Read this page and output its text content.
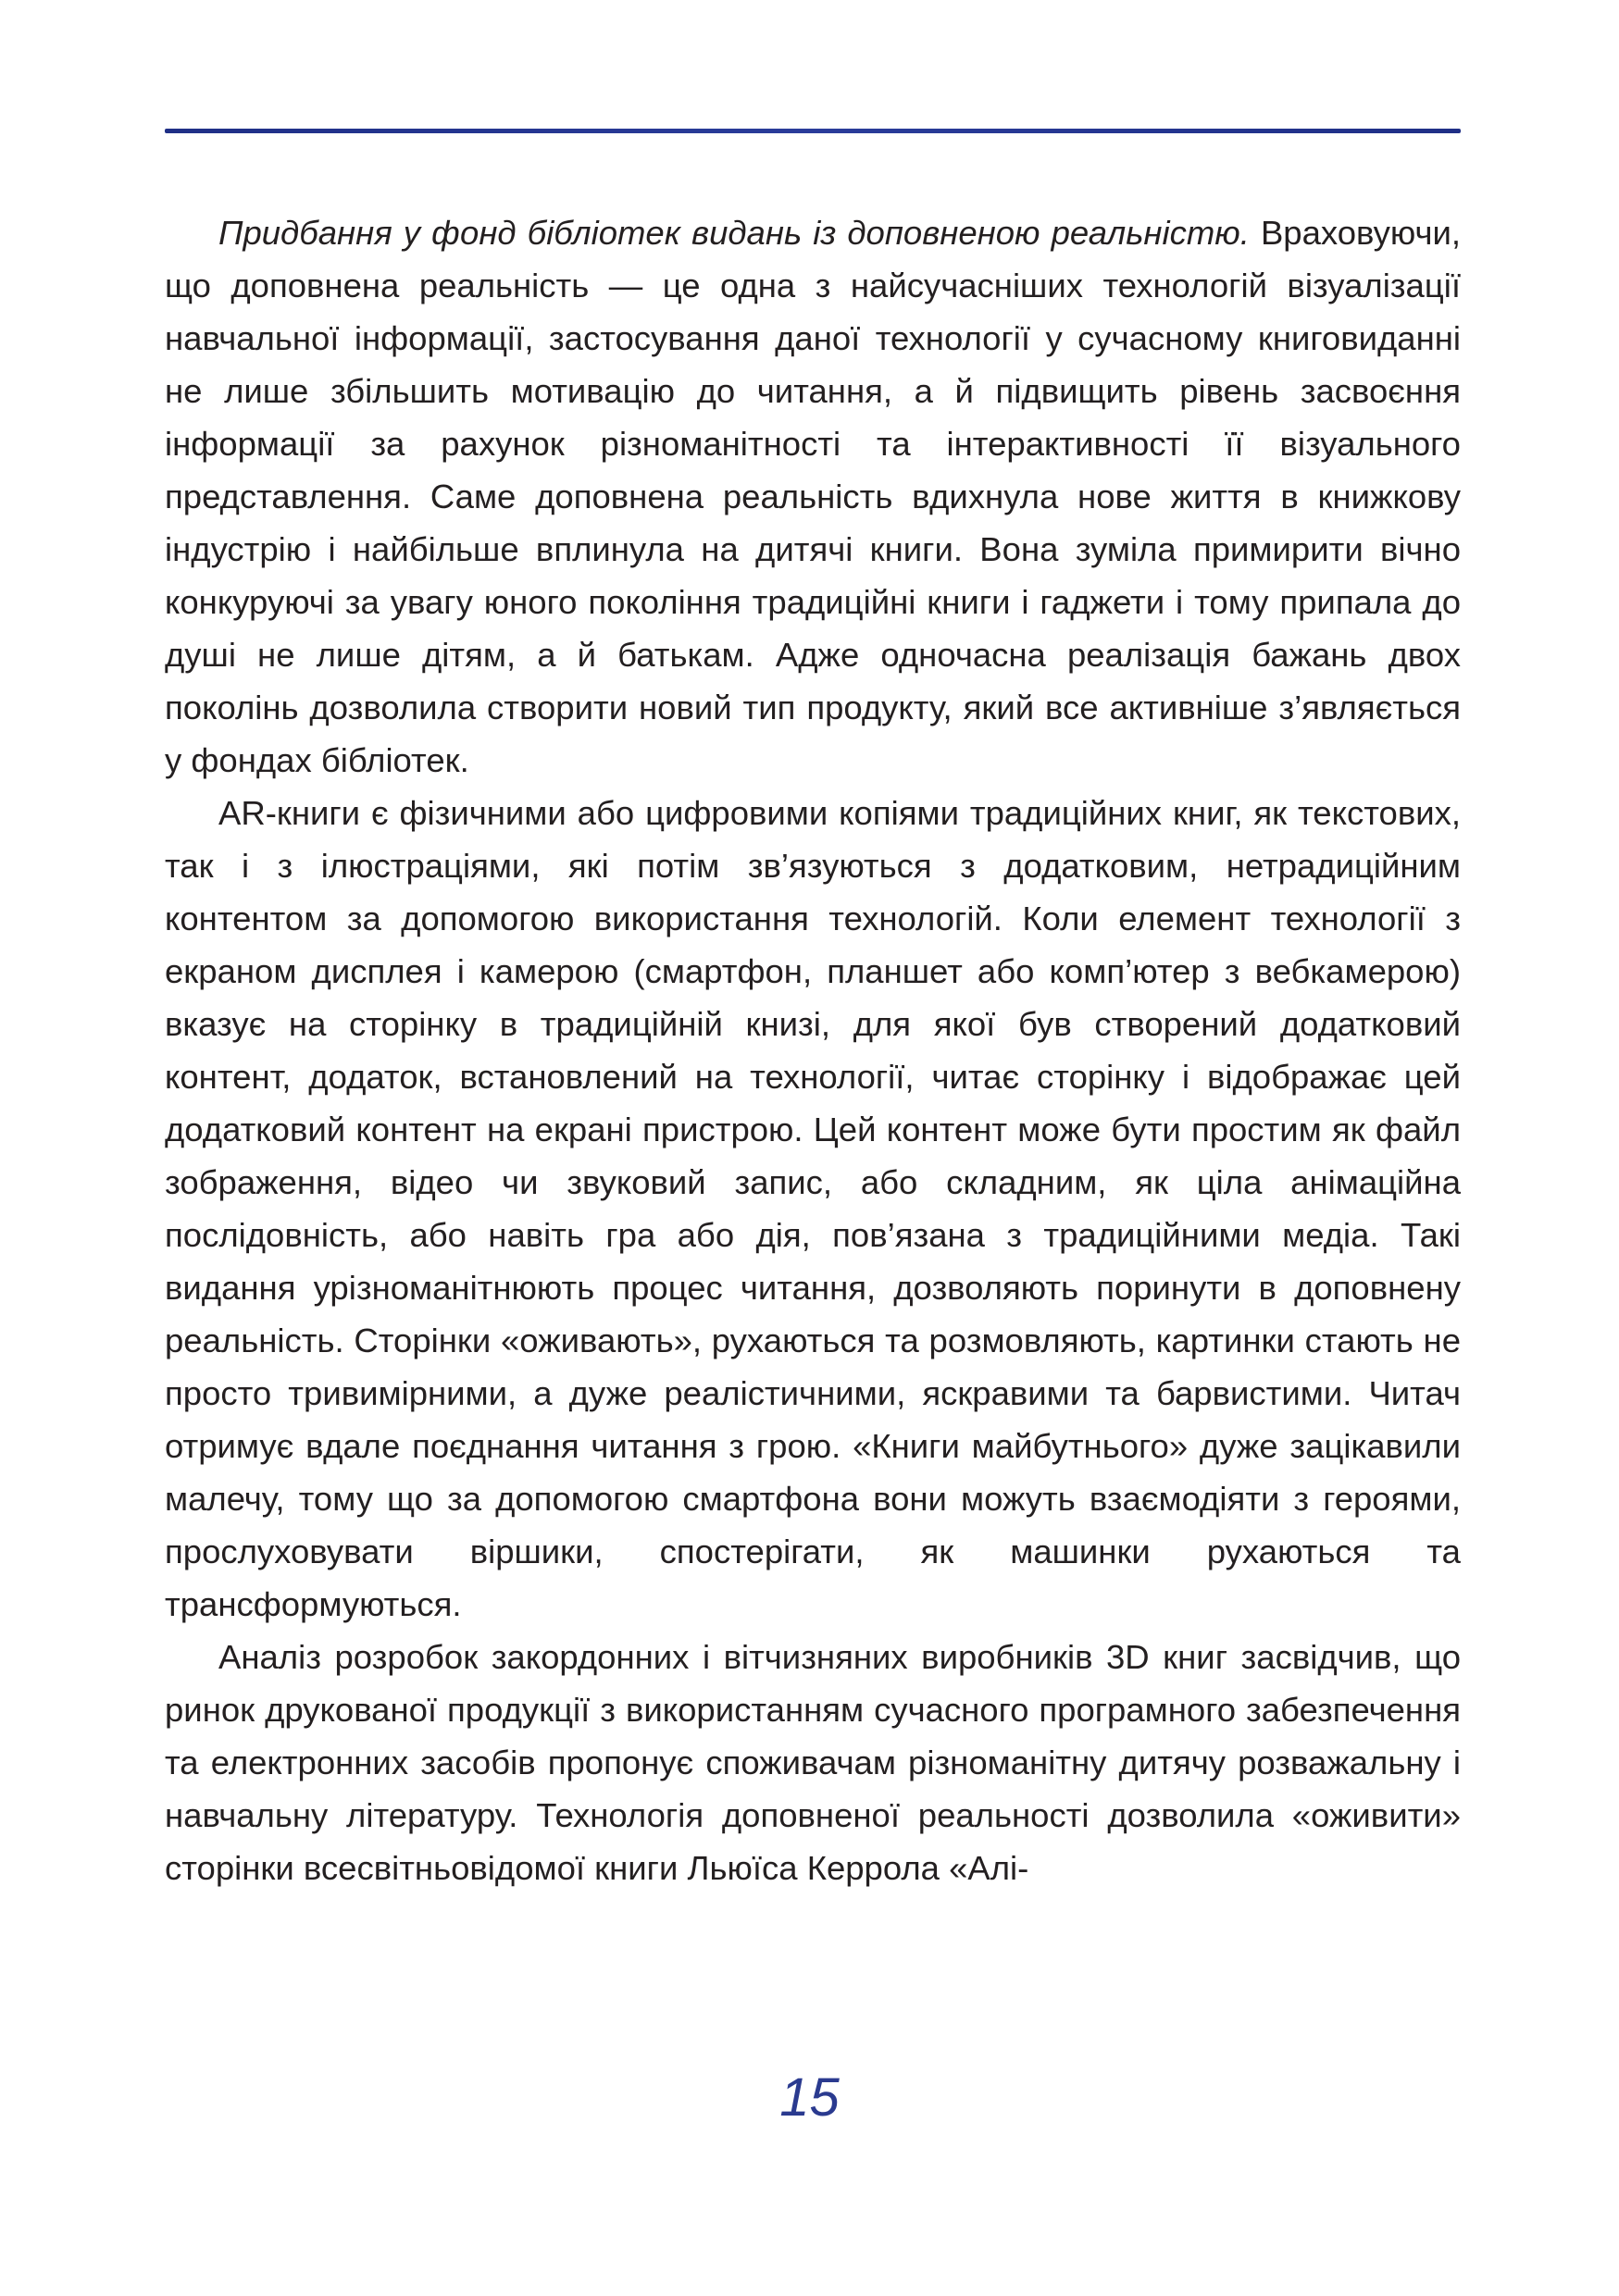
Придбання у фонд бібліотек видань із доповненою реальністю. Враховуючи, що доповнена реальність — це одна з найсучасніших технологій візуалізації навчальної інформації, застосування даної технології у сучасному книговиданні не лише збільшить мотивацію до читання, а й підвищить рівень засвоєння інформації за рахунок різноманітності та інтерактивності її візуального представлення. Саме доповнена реальність вдихнула нове життя в книжкову індустрію і найбільше вплинула на дитячі книги. Вона зуміла примирити вічно конкуруючі за увагу юного покоління традиційні книги і гаджети і тому припала до душі не лише дітям, а й батькам. Адже одночасна реалізація бажань двох поколінь дозволила створити новий тип продукту, який все активніше з’являється у фондах бібліотек.

AR-книги є фізичними або цифровими копіями традиційних книг, як текстових, так і з ілюстраціями, які потім зв’язуються з додатковим, нетрадиційним контентом за допомогою використання технологій. Коли елемент технології з екраном дисплея і камерою (смартфон, планшет або комп’ютер з вебкамерою) вказує на сторінку в традиційній книзі, для якої був створений додатковий контент, додаток, встановлений на технології, читає сторінку і відображає цей додатковий контент на екрані пристрою. Цей контент може бути простим як файл зображення, відео чи звуковий запис, або складним, як ціла анімаційна послідовність, або навіть гра або дія, пов’язана з традиційними медіа. Такі видання урізноманітнюють процес читання, дозволяють поринути в доповнену реальність. Сторінки «оживають», рухаються та розмовляють, картинки стають не просто тривимірними, а дуже реалістичними, яскравими та барвистими. Читач отримує вдале поєднання читання з грою. «Книги майбутнього» дуже зацікавили малечу, тому що за допомогою смартфона вони можуть взаємодіяти з героями, прослуховувати віршики, спостерігати, як машинки рухаються та трансформуються.

Аналіз розробок закордонних і вітчизняних виробників 3D книг засвідчив, що ринок друкованої продукції з використанням сучасного програмного забезпечення та електронних засобів пропонує споживачам різноманітну дитячу розважальну і навчальну літературу. Технологія доповненої реальності дозволила «оживити» сторінки всесвітньовідомої книги Льюїса Керрола «Алі-

15
